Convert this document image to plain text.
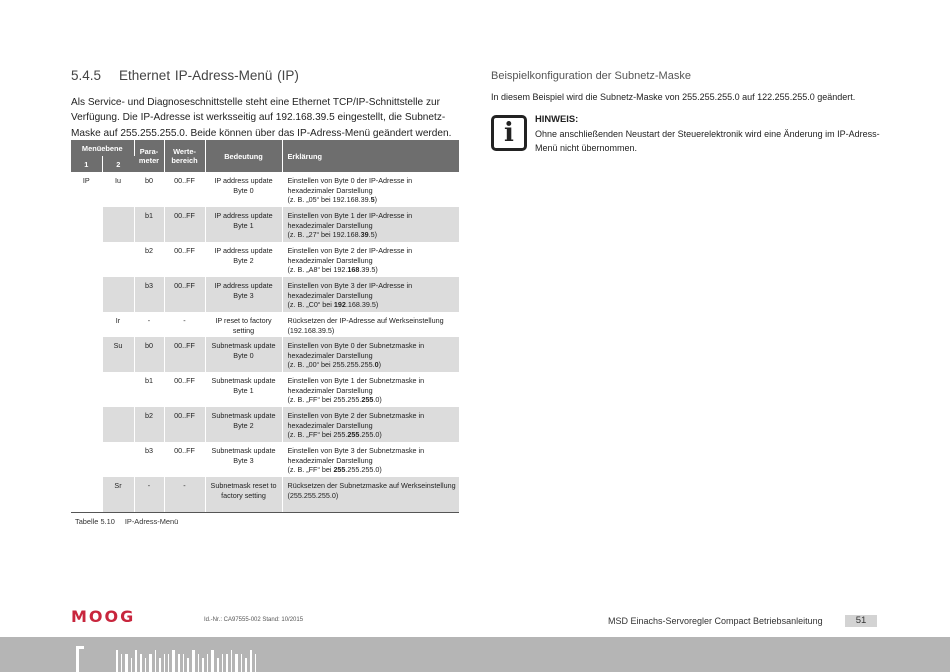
5.4.5 Ethernet IP-Adress-Menü (IP)
Als Service- und Diagnoseschnittstelle steht eine Ethernet TCP/IP-Schnittstelle zur Verfügung. Die IP-Adresse ist werksseitig auf 192.168.39.5 eingestellt, die Subnetz-Maske auf 255.255.255.0. Beide können über das IP-Adress-Menü geändert werden.
Menüebene		Para-meter	Werte-bereich	Bedeutung	Erklärung
1	2				
IP	Iu	b0	00..FF	IP address update Byte 0	Einstellen von Byte 0 der IP-Adresse in hexadezimaler Darstellung
(z. B. „05“ bei 192.168.39.5)
		b1	00..FF	IP address update Byte 1	Einstellen von Byte 1 der IP-Adresse in hexadezimaler Darstellung
(z. B. „27“ bei 192.168.39.5)
		b2	00..FF	IP address update Byte 2	Einstellen von Byte 2 der IP-Adresse in hexadezimaler Darstellung
(z. B. „A8“ bei 192.168.39.5)
		b3	00..FF	IP address update Byte 3	Einstellen von Byte 3 der IP-Adresse in hexadezimaler Darstellung
(z. B. „C0“ bei 192.168.39.5)
	Ir	-	-	IP reset to factory setting	Rücksetzen der IP-Adresse auf Werkseinstellung
(192.168.39.5)
	Su	b0	00..FF	Subnetmask update Byte 0	Einstellen von Byte 0 der Subnetzmaske in hexadezimaler Darstellung
(z. B. „00“ bei 255.255.255.0)
		b1	00..FF	Subnetmask update Byte 1	Einstellen von Byte 1 der Subnetzmaske in hexadezimaler Darstellung
(z. B. „FF“ bei 255.255.255.0)
		b2	00..FF	Subnetmask update Byte 2	Einstellen von Byte 2 der Subnetzmaske in hexadezimaler Darstellung
(z. B. „FF“ bei 255.255.255.0)
		b3	00..FF	Subnetmask update Byte 3	Einstellen von Byte 3 der Subnetzmaske in hexadezimaler Darstellung
(z. B. „FF“ bei 255.255.255.0)
	Sr	-	-	Subnetmask reset to factory setting	Rücksetzen der Subnetzmaske auf Werkseinstellung (255.255.255.0)
Tabelle 5.10 IP-Adress-Menü
Beispielkonfiguration der Subnetz-Maske
In diesem Beispiel wird die Subnetz-Maske von 255.255.255.0 auf 122.255.255.0 geändert.
i	HINWEIS:
Ohne anschließenden Neustart der Steuerelektronik wird eine Änderung im IP-Adress-Menü nicht übernommen.
MOOG	Id.-Nr.: CA97555-002 Stand: 10/2015	MSD Einachs-Servoregler Compact Betriebsanleitung	51
